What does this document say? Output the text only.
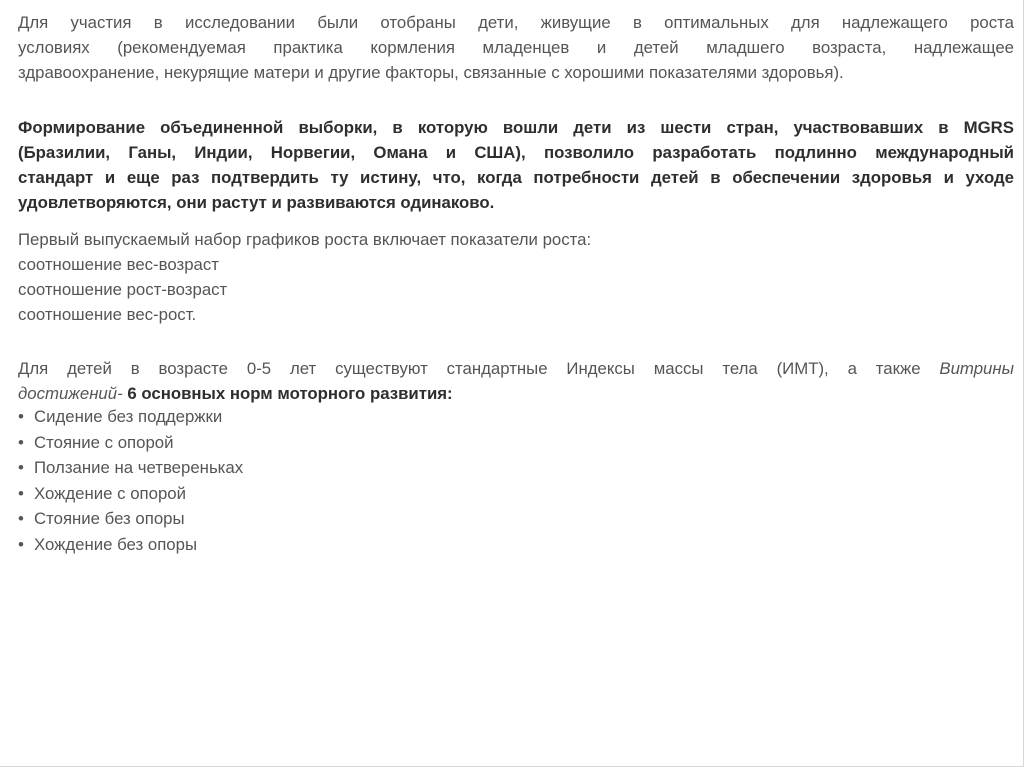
Для участия в исследовании были отобраны дети, живущие в оптимальных для надлежащего роста
условиях (рекомендуемая практика кормления младенцев и детей младшего возраста, надлежащее
здравоохранение, некурящие матери и другие факторы, связанные с хорошими показателями здоровья).

Формирование объединенной выборки, в которую вошли дети из шести стран, участвовавших в MGRS
(Бразилии, Ганы, Индии, Норвегии, Омана и США), позволило разработать подлинно международный
стандарт и еще раз подтвердить ту истину, что, когда потребности детей в обеспечении здоровья и уходе
удовлетворяются, они растут и развиваются одинаково.

Первый выпускаемый набор графиков роста включает показатели роста:
соотношение вес-возраст
соотношение рост-возраст
соотношение вес-рост.

Для детей в возрасте 0-5 лет существуют стандартные Индексы массы тела (ИМТ), а также Витрины
достижений- 6 основных норм моторного развития:

• Сидение без поддержки
• Стояние с опорой
• Ползание на четвереньках
• Хождение с опорой
• Стояние без опоры
• Хождение без опоры
